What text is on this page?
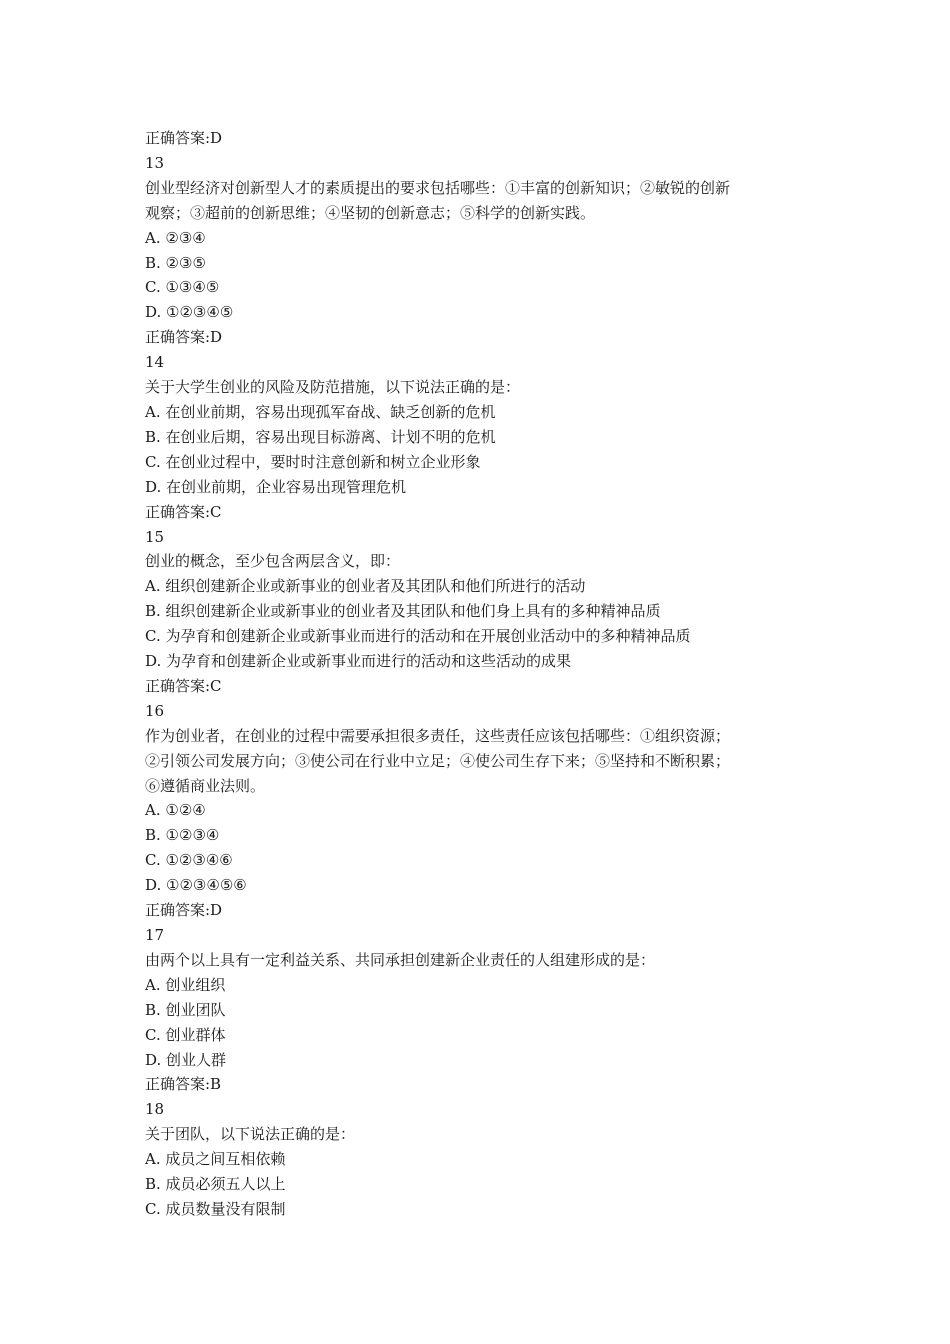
正确答案:D

13

创业型经济对创新型人才的素质提出的要求包括哪些：①丰富的创新知识；②敏锐的创新

观察；③超前的创新思维；④坚韧的创新意志；⑤科学的创新实践。

A. ②③④

B. ②③⑤

C. ①③④⑤

D. ①②③④⑤

正确答案:D

14

关于大学生创业的风险及防范措施，以下说法正确的是：

A. 在创业前期，容易出现孤军奋战、缺乏创新的危机

B. 在创业后期，容易出现目标游离、计划不明的危机

C. 在创业过程中，要时时注意创新和树立企业形象

D. 在创业前期，企业容易出现管理危机

正确答案:C

15

创业的概念，至少包含两层含义，即：

A. 组织创建新企业或新事业的创业者及其团队和他们所进行的活动

B. 组织创建新企业或新事业的创业者及其团队和他们身上具有的多种精神品质

C. 为孕育和创建新企业或新事业而进行的活动和在开展创业活动中的多种精神品质

D. 为孕育和创建新企业或新事业而进行的活动和这些活动的成果

正确答案:C

16

作为创业者，在创业的过程中需要承担很多责任，这些责任应该包括哪些：①组织资源；

②引领公司发展方向；③使公司在行业中立足；④使公司生存下来；⑤坚持和不断积累；

⑥遵循商业法则。

A. ①②④

B. ①②③④

C. ①②③④⑥

D. ①②③④⑤⑥

正确答案:D

17

由两个以上具有一定利益关系、共同承担创建新企业责任的人组建形成的是：

A. 创业组织

B. 创业团队

C. 创业群体

D. 创业人群

正确答案:B

18

关于团队，以下说法正确的是：

A. 成员之间互相依赖

B. 成员必须五人以上

C. 成员数量没有限制
